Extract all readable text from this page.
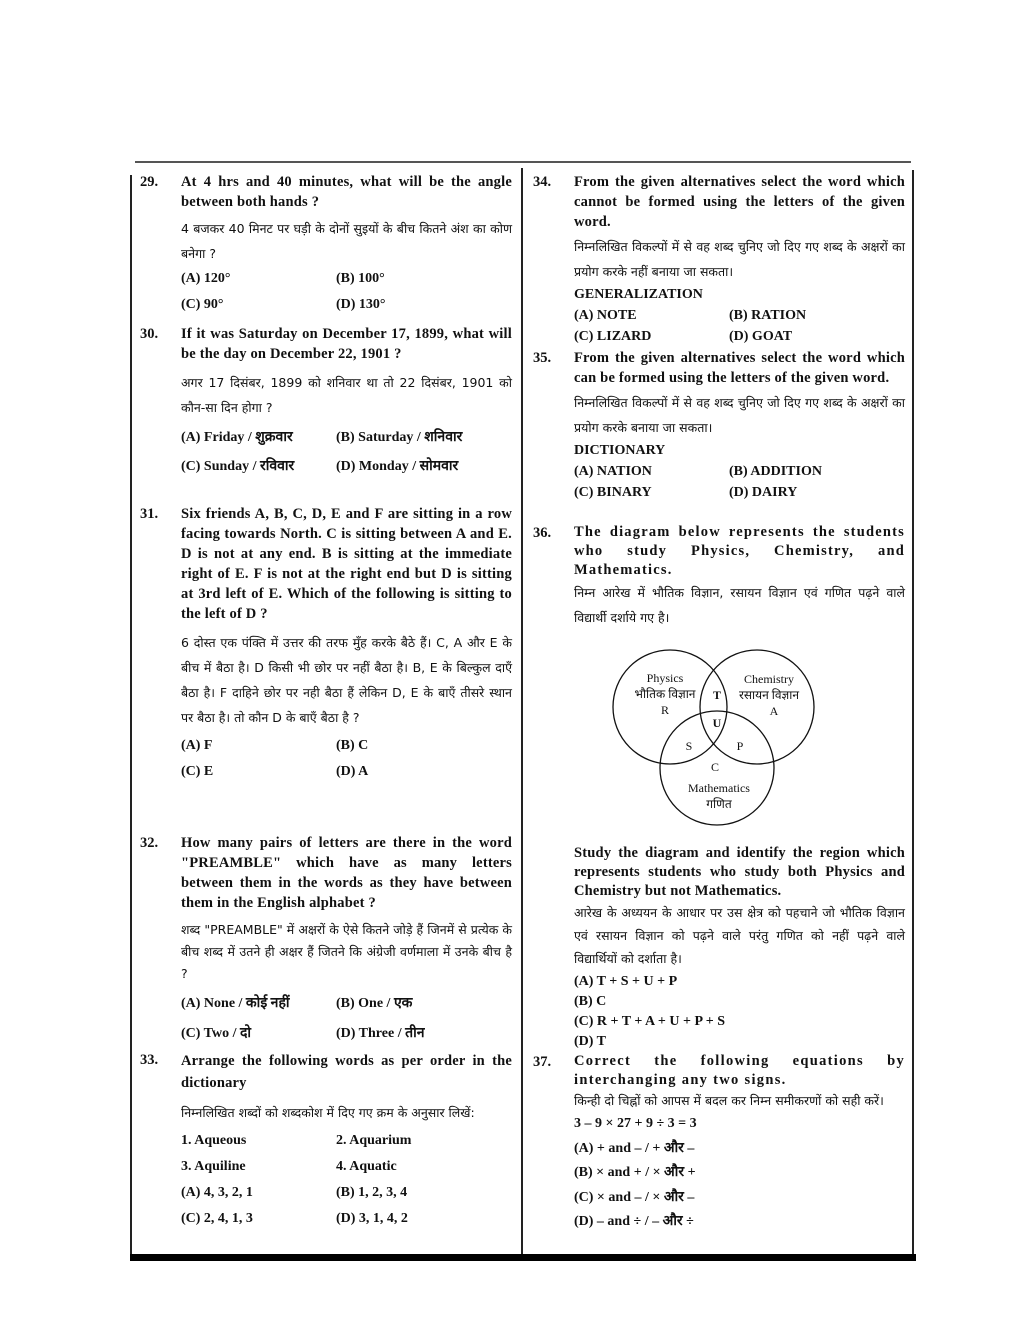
29. At 4 hrs and 40 minutes, what will be the angle between both hands ?
4 बजकर 40 मिनट पर घड़ी के दोनों सुइयों के बीच कितने अंश का कोण बनेगा ?
(A) 120°	(B) 100°
(C) 90°	(D) 130°
30. If it was Saturday on December 17, 1899, what will be the day on December 22, 1901 ?
अगर 17 दिसंबर, 1899 को शनिवार था तो 22 दिसंबर, 1901 को कौन-सा दिन होगा ?
(A) Friday / शुक्रवार	(B) Saturday / शनिवार
(C) Sunday / रविवार	(D) Monday / सोमवार
31. Six friends A, B, C, D, E and F are sitting in a row facing towards North. C is sitting between A and E. D is not at any end. B is sitting at the immediate right of E. F is not at the right end but D is sitting at 3rd left of E. Which of the following is sitting to the left of D ?
6 दोस्त एक पंक्ति में उत्तर की तरफ मुँह करके बैठे हैं। C, A और E के बीच में बैठा है। D किसी भी छोर पर नहीं बैठा है। B, E के बिल्कुल दाएँ बैठा है। F दाहिने छोर पर नही बैठा हैं लेकिन D, E के बाएँ तीसरे स्थान पर बैठा है। तो कौन D के बाएँ बैठा है ?
(A) F	(B) C
(C) E	(D) A
32. How many pairs of letters are there in the word "PREAMBLE" which have as many letters between them in the words as they have between them in the English alphabet ?
शब्द "PREAMBLE" में अक्षरों के ऐसे कितने जोड़े हैं जिनमें से प्रत्येक के बीच शब्द में उतने ही अक्षर हैं जितने कि अंग्रेजी वर्णमाला में उनके बीच है ?
(A) None / कोई नहीं	(B) One / एक
(C) Two / दो	(D) Three / तीन
33. Arrange the following words as per order in the dictionary
निम्नलिखित शब्दों को शब्दकोश में दिए गए क्रम के अनुसार लिखें:
1. Aqueous	2. Aquarium
3. Aquiline	4. Aquatic
(A) 4, 3, 2, 1	(B) 1, 2, 3, 4
(C) 2, 4, 1, 3	(D) 3, 1, 4, 2
34. From the given alternatives select the word which cannot be formed using the letters of the given word.
निम्नलिखित विकल्पों में से वह शब्द चुनिए जो दिए गए शब्द के अक्षरों का प्रयोग करके नहीं बनाया जा सकता।
GENERALIZATION
(A) NOTE	(B) RATION
(C) LIZARD	(D) GOAT
35. From the given alternatives select the word which can be formed using the letters of the given word.
निम्नलिखित विकल्पों में से वह शब्द चुनिए जो दिए गए शब्द के अक्षरों का प्रयोग करके बनाया जा सकता।
DICTIONARY
(A) NATION	(B) ADDITION
(C) BINARY	(D) DAIRY
36. The diagram below represents the students who study Physics, Chemistry, and Mathematics.
निम्न आरेख में भौतिक विज्ञान, रसायन विज्ञान एवं गणित पढ़ने वाले विद्यार्थी दर्शाये गए है।
Physics
भौतिक विज्ञान
R
Chemistry
रसायन विज्ञान
A
T
U
S	P
C
Mathematics
गणित
Study the diagram and identify the region which represents students who study both Physics and Chemistry but not Mathematics.
आरेख के अध्ययन के आधार पर उस क्षेत्र को पहचाने जो भौतिक विज्ञान एवं रसायन विज्ञान को पढ़ने वाले परंतु गणित को नहीं पढ़ने वाले विद्यार्थियों को दर्शाता है।
(A) T + S + U + P
(B) C
(C) R + T + A + U + P + S
(D) T
37. Correct the following equations by interchanging any two signs.
किन्ही दो चिह्नों को आपस में बदल कर निम्न समीकरणों को सही करें।
3 – 9 × 27 + 9 ÷ 3 = 3
(A) + and – / + और –
(B) × and + / × और +
(C) × and – / × और –
(D) – and ÷ / – और ÷
